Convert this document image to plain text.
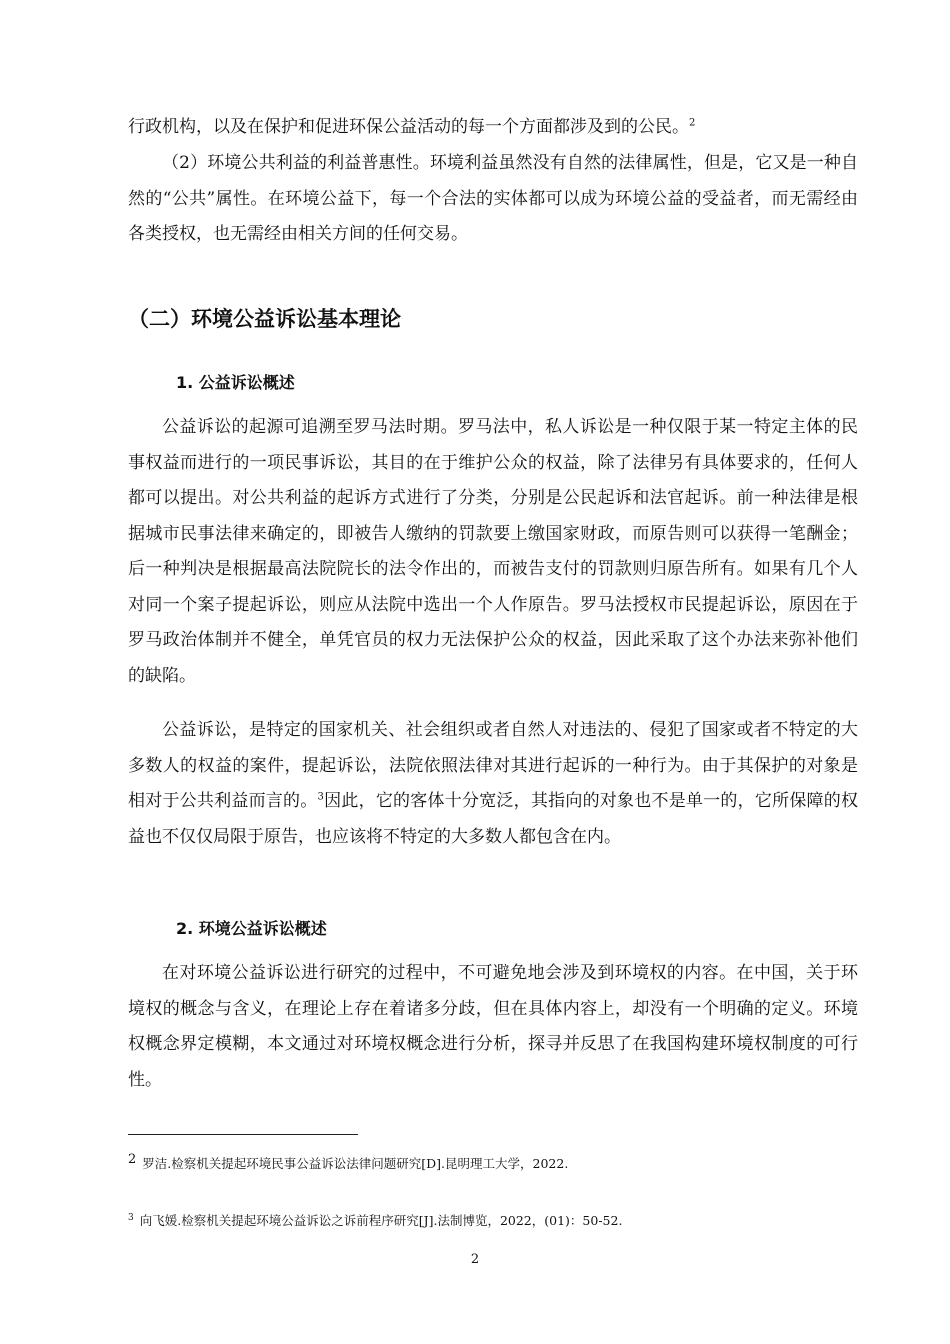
行政机构，以及在保护和促进环保公益活动的每一个方面都涉及到的公民。$^2$

（2）环境公共利益的利益普惠性。环境利益虽然没有自然的法律属性，但是，它又是一种自然的“公共”属性。在环境公益下，每一个合法的实体都可以成为环境公益的受益者，而无需经由各类授权，也无需经由相关方间的任何交易。

（二）环境公益诉讼基本理论
1. 公益诉讼概述

公益诉讼的起源可追溯至罗马法时期。罗马法中，私人诉讼是一种仅限于某一特定主体的民事权益而进行的一项民事诉讼，其目的在于维护公众的权益，除了法律另有具体要求的，任何人都可以提出。对公共利益的起诉方式进行了分类，分别是公民起诉和法官起诉。前一种法律是根据城市民事法律来确定的，即被告人缴纳的罚款要上缴国家财政，而原告则可以获得一笔酬金；后一种判决是根据最高法院院长的法令作出的，而被告支付的罚款则归原告所有。如果有几个人对同一个案子提起诉讼，则应从法院中选出一个人作原告。罗马法授权市民提起诉讼，原因在于罗马政治体制并不健全，单凭官员的权力无法保护公众的权益，因此采取了这个办法来弥补他们的缺陷。

公益诉讼，是特定的国家机关、社会组织或者自然人对违法的、侵犯了国家或者不特定的大多数人的权益的案件，提起诉讼，法院依照法律对其进行起诉的一种行为。由于其保护的对象是相对于公共利益而言的。$^3$因此，它的客体十分宽泛，其指向的对象也不是单一的，它所保障的权益也不仅仅局限于原告，也应该将不特定的大多数人都包含在内。

2. 环境公益诉讼概述

在对环境公益诉讼进行研究的过程中，不可避免地会涉及到环境权的内容。在中国，关于环境权的概念与含义，在理论上存在着诸多分歧，但在具体内容上，却没有一个明确的定义。环境权概念界定模糊，本文通过对环境权概念进行分析，探寻并反思了在我国构建环境权制度的可行性。

2 罗洁.检察机关提起环境民事公益诉讼法律问题研究[D].昆明理工大学，2022.

$^3$ 向飞媛.检察机关提起环境公益诉讼之诉前程序研究[J].法制博览，2022，(01)：50-52.

2
